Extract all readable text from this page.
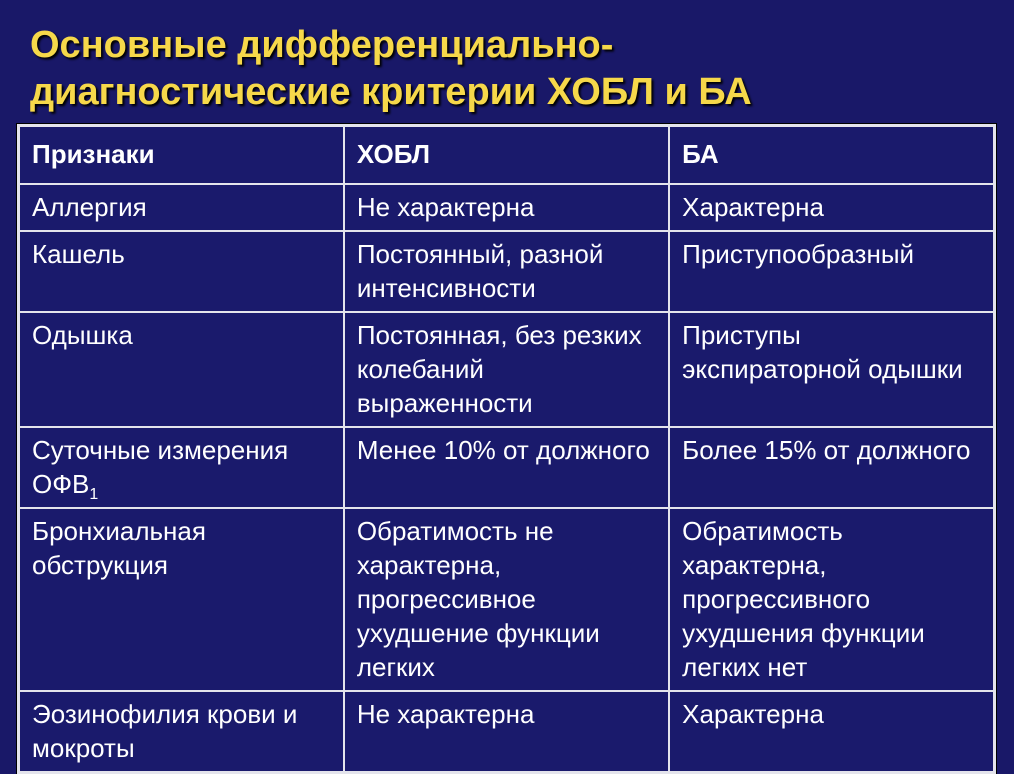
Основные дифференциально-
диагностические критерии ХОБЛ и БА
Признаки	ХОБЛ	БА
Аллергия	Не характерна	Характерна
Кашель	Постоянный, разной интенсивности	Приступообразный
Одышка	Постоянная, без резких колебаний выраженности	Приступы экспираторной одышки
Суточные измерения $ОФВ_1$	Менее 10% от должного	Более 15% от должного
Бронхиальная обструкция	Обратимость не характерна, прогрессивное ухудшение функции легких	Обратимость характерна, прогрессивного ухудшения функции легких нет
Эозинофилия крови и мокроты	Не характерна	Характерна
